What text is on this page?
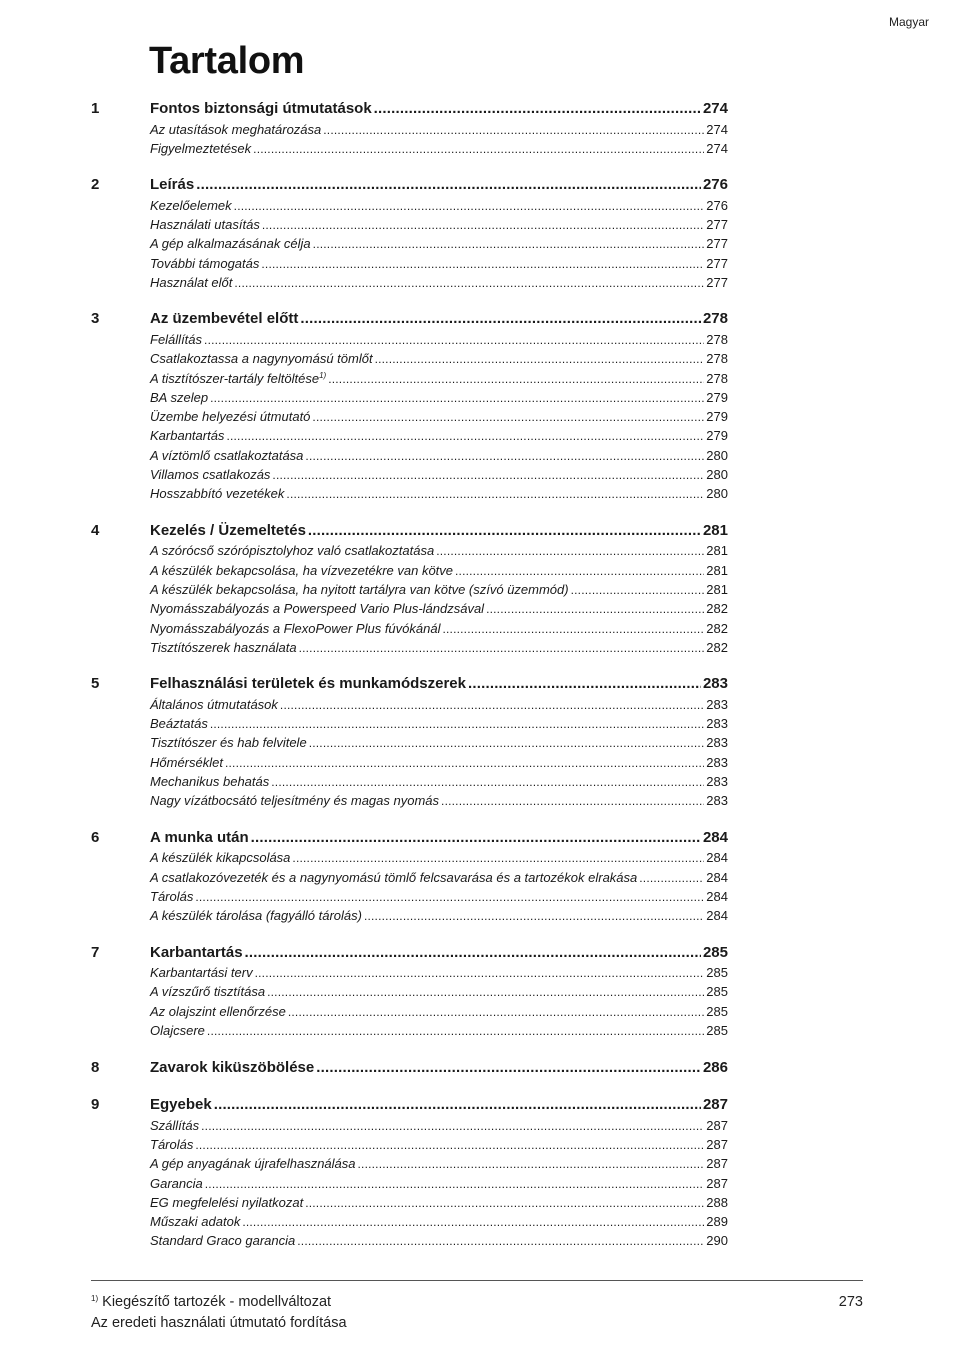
Magyar
Tartalom
1	Fontos biztonsági útmutatások .....	274
Az utasítások meghatározása .....	274
Figyelmeztetések .....	274
2	Leírás .....	276
Kezelőelemek .....	276
Használati utasítás .....	277
A gép alkalmazásának célja .....	277
További támogatás .....	277
Használat előt .....	277
3	Az üzembevétel előtt .....	278
Felállítás .....	278
Csatlakoztassa a nagynyomású tömlőt .....	278
A tisztítószer-tartály feltöltése$^{1)}$ .....	278
BA szelep .....	279
Üzembe helyezési útmutató .....	279
Karbantartás .....	279
A víztömlő csatlakoztatása .....	280
Villamos csatlakozás .....	280
Hosszabbító vezetékek .....	280
4	Kezelés / Üzemeltetés .....	281
A szórócső szórópisztolyhoz való csatlakoztatása .....	281
A készülék bekapcsolása, ha vízvezetékre van kötve .....	281
A készülék bekapcsolása, ha nyitott tartályra van kötve (szívó üzemmód) .....	281
Nyomásszabályozás a Powerspeed Vario Plus-lándzsával .....	282
Nyomásszabályozás a FlexoPower Plus fúvókánál .....	282
Tisztítószerek használata .....	282
5	Felhasználási területek és munkamódszerek .....	283
Általános útmutatások .....	283
Beáztatás .....	283
Tisztítószer és hab felvitele .....	283
Hőmérséklet .....	283
Mechanikus behatás .....	283
Nagy vízátbocsátó teljesítmény és magas nyomás .....	283
6	A munka után .....	284
A készülék kikapcsolása .....	284
A csatlakozóvezeték és a nagynyomású tömlő felcsavarása és a tartozékok elrakása .....	284
Tárolás .....	284
A készülék tárolása (fagyálló tárolás) .....	284
7	Karbantartás .....	285
Karbantartási terv .....	285
A vízszűrő tisztítása .....	285
Az olajszint ellenőrzése .....	285
Olajcsere .....	285
8	Zavarok kiküszöbölése .....	286
9	Egyebek .....	287
Szállítás .....	287
Tárolás .....	287
A gép anyagának újrafelhasználása .....	287
Garancia .....	287
EG megfelelési nyilatkozat .....	288
Műszaki adatok .....	289
Standard Graco garancia .....	290
$^{1)}$ Kiegészítő tartozék - modellváltozat
Az eredeti használati útmutató fordítása
273
